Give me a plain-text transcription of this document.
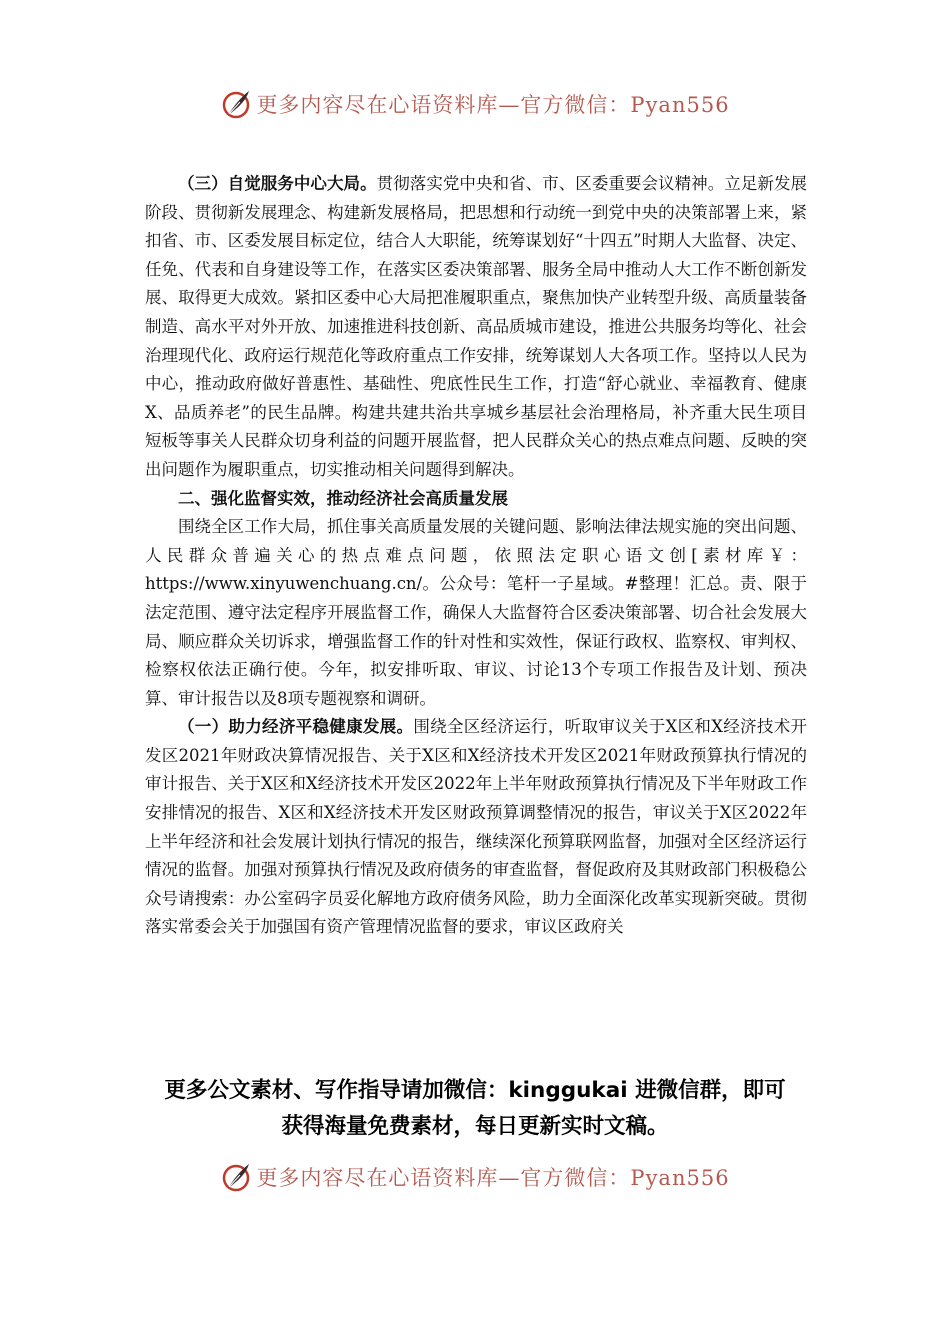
更多内容尽在心语资料库—官方微信：Pyan556

（三）自觉服务中心大局。贯彻落实党中央和省、市、区委重要会议精神。立足新发展阶段、贯彻新发展理念、构建新发展格局，把思想和行动统一到党中央的决策部署上来，紧扣省、市、区委发展目标定位，结合人大职能，统筹谋划好“十四五”时期人大监督、决定、任免、代表和自身建设等工作，在落实区委决策部署、服务全局中推动人大工作不断创新发展、取得更大成效。紧扣区委中心大局把准履职重点，聚焦加快产业转型升级、高质量装备制造、高水平对外开放、加速推进科技创新、高品质城市建设，推进公共服务均等化、社会治理现代化、政府运行规范化等政府重点工作安排，统筹谋划人大各项工作。坚持以人民为中心，推动政府做好普惠性、基础性、兜底性民生工作，打造“舒心就业、幸福教育、健康X、品质养老”的民生品牌。构建共建共治共享城乡基层社会治理格局，补齐重大民生项目短板等事关人民群众切身利益的问题开展监督，把人民群众关心的热点难点问题、反映的突出问题作为履职重点，切实推动相关问题得到解决。

二、强化监督实效，推动经济社会高质量发展

围绕全区工作大局，抓住事关高质量发展的关键问题、影响法律法规实施的突出问题、人民群众普遍关心的热点难点问题，依照法定职心语文创[素材库￥：https://www.xinyuwenchuang.cn/。公众号：笔杆一子星域。#整理！汇总。责、限于法定范围、遵守法定程序开展监督工作，确保人大监督符合区委决策部署、切合社会发展大局、顺应群众关切诉求，增强监督工作的针对性和实效性，保证行政权、监察权、审判权、检察权依法正确行使。今年，拟安排听取、审议、讨论13个专项工作报告及计划、预决算、审计报告以及8项专题视察和调研。

（一）助力经济平稳健康发展。围绕全区经济运行，听取审议关于X区和X经济技术开发区2021年财政决算情况报告、关于X区和X经济技术开发区2021年财政预算执行情况的审计报告、关于X区和X经济技术开发区2022年上半年财政预算执行情况及下半年财政工作安排情况的报告、X区和X经济技术开发区财政预算调整情况的报告，审议关于X区2022年上半年经济和社会发展计划执行情况的报告，继续深化预算联网监督，加强对全区经济运行情况的监督。加强对预算执行情况及政府债务的审查监督，督促政府及其财政部门积极稳公众号请搜索：办公室码字员妥化解地方政府债务风险，助力全面深化改革实现新突破。贯彻落实常委会关于加强国有资产管理情况监督的要求，审议区政府关

更多公文素材、写作指导请加微信：kinggukai 进微信群，即可
获得海量免费素材，每日更新实时文稿。
更多内容尽在心语资料库—官方微信：Pyan556
